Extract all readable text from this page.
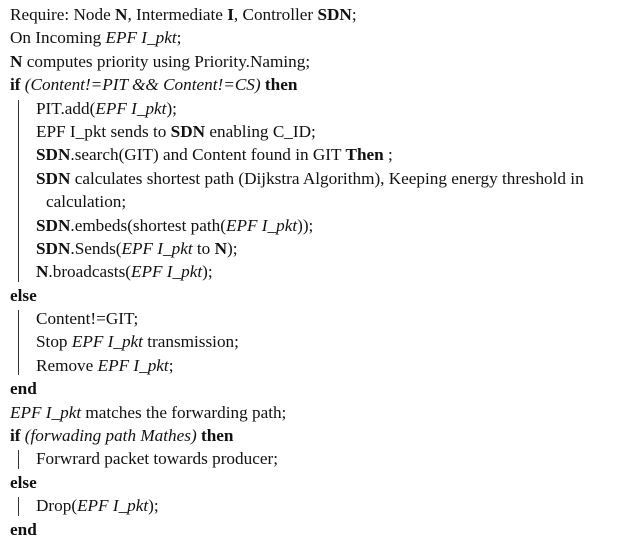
Require: Node N, Intermediate I, Controller SDN;
On Incoming EPF I_pkt;
N computes priority using Priority.Naming;
if (Content!=PIT && Content!=CS) then
PIT.add(EPF I_pkt);
EPF I_pkt sends to SDN enabling C_ID;
SDN.search(GIT) and Content found in GIT Then ;
SDN calculates shortest path (Dijkstra Algorithm), Keeping energy threshold in
calculation;
SDN.embeds(shortest path(EPF I_pkt));
SDN.Sends(EPF I_pkt to N);
N.broadcasts(EPF I_pkt);
else
Content!=GIT;
Stop EPF I_pkt transmission;
Remove EPF I_pkt;
end
EPF I_pkt matches the forwarding path;
if (forwading path Mathes) then
Forwrard packet towards producer;
else
Drop(EPF I_pkt);
end
